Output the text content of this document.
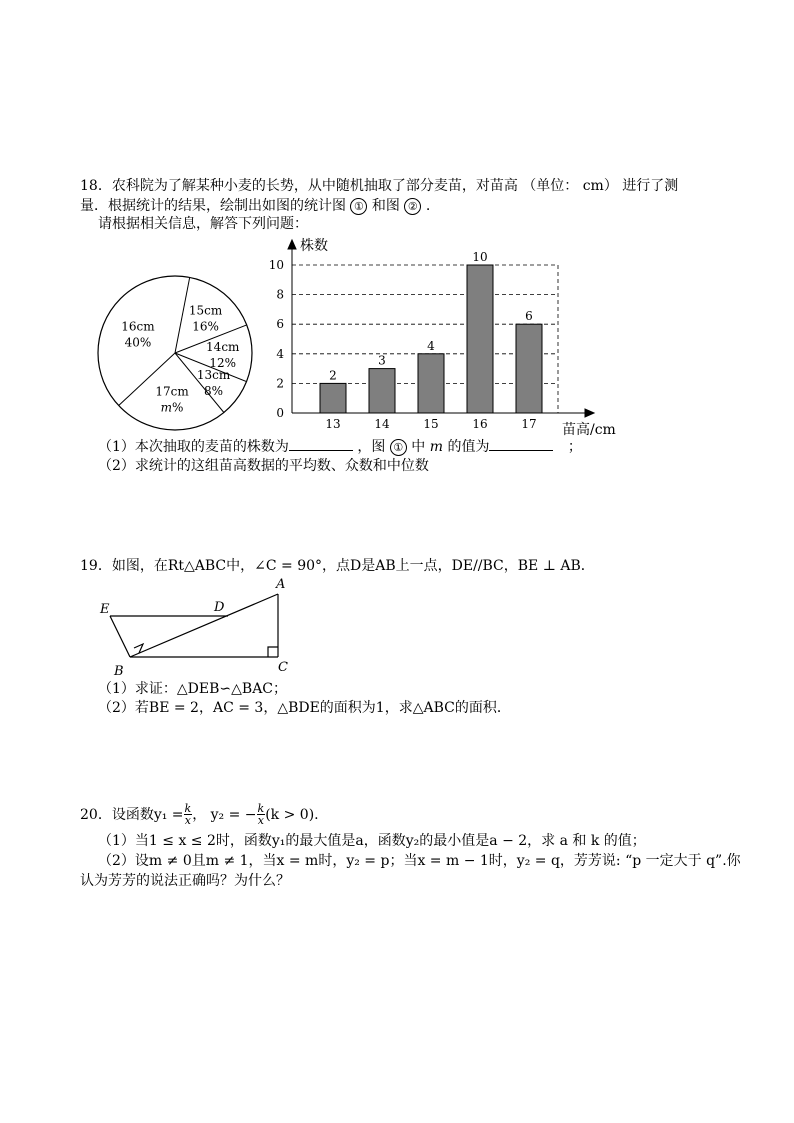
18．农科院为了解某种小麦的长势，从中随机抽取了部分麦苗，对苗高 （单位： cm） 进行了测
量．根据统计的结果，绘制出如图的统计图 ① 和图 ② .
请根据相关信息，解答下列问题：
15cm
16%
14cm
12%
13cm
8%
17cm
m%
16cm
40%
0
2
4
6
8
10
2
13
3
14
4
15
10
16
6
17
株数
苗高/cm
（1）本次抽取的麦苗的株数为	，图 ① 中 m 的值为	；
（2）求统计的这组苗高数据的平均数、众数和中位数
19．如图，在Rt△ABC中，∠C = 90°，点D是AB上一点，DE//BC，BE ⊥ AB．
A
B	C
D
E
（1）求证：△DEB∽△BAC；
（2）若BE = 2，AC = 3，△BDE的面积为1，求△ABC的面积．
20．设函数$y_1 = \frac{k}{x}$ ， y₂ = − $\frac{k}{x} (k > 0)$.
（1）当1 ≤ x ≤ 2时，函数y₁的最大值是a，函数y₂的最小值是a − 2，求 a 和 k 的值；
（2）设m ≠ 0且m ≠ 1，当x = m时，y₂ = p；当x = m − 1时，y₂ = q，芳芳说: “p 一定大于 q”.你
认为芳芳的说法正确吗？为什么？
